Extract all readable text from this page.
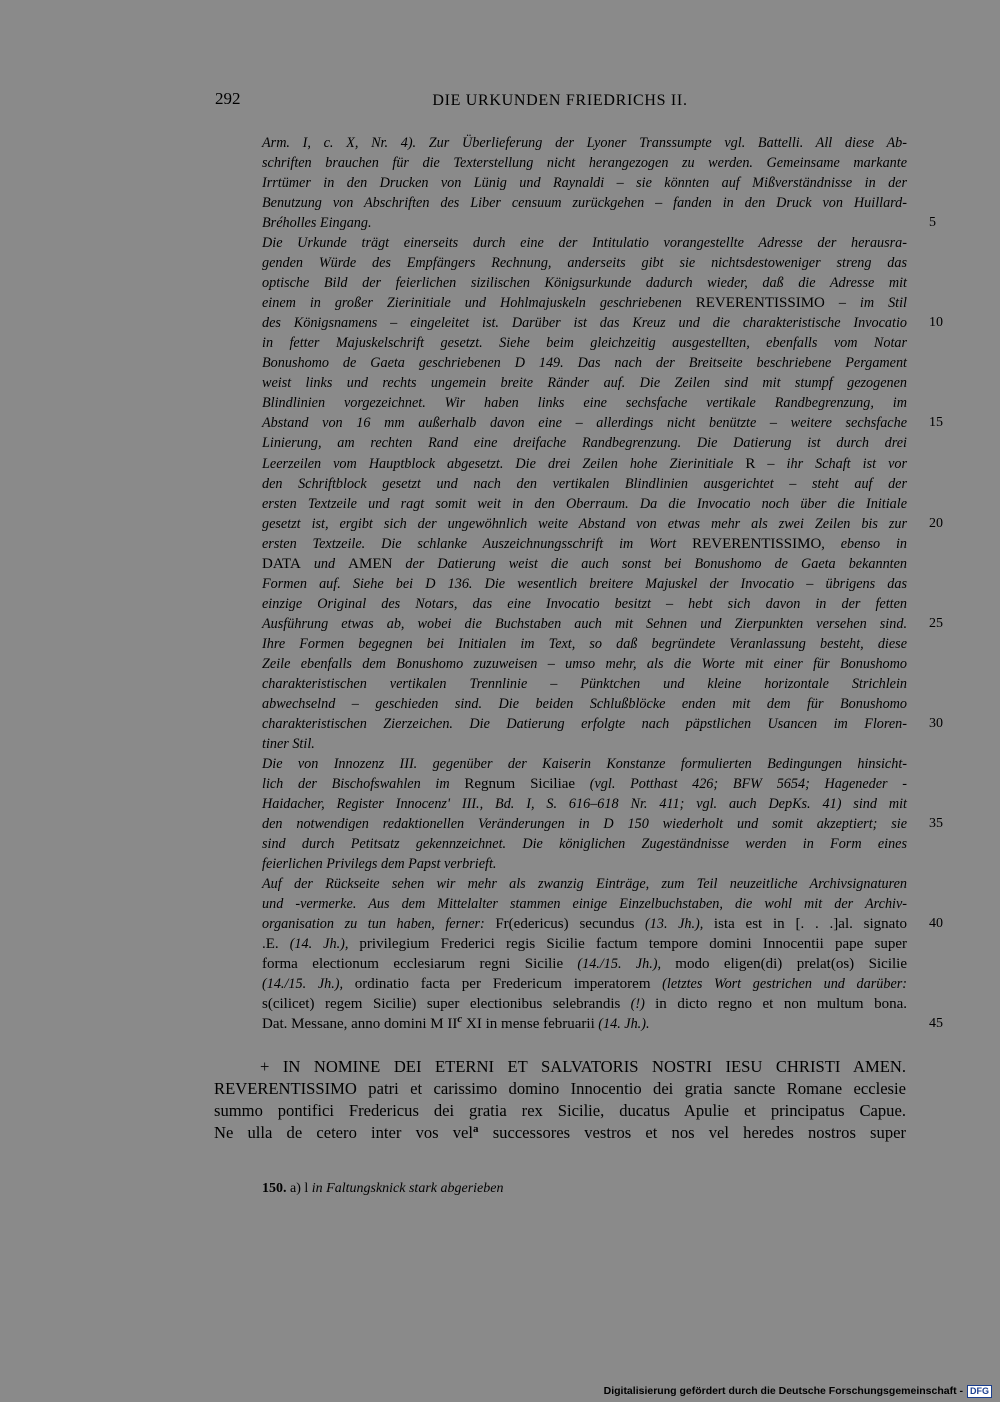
292	DIE URKUNDEN FRIEDRICHS II.
Arm. I, c. X, Nr. 4). Zur Überlieferung der Lyoner Transsumpte vgl. Battelli. All diese Ab-
schriften brauchen für die Texterstellung nicht herangezogen zu werden. Gemeinsame markante
Irrtümer in den Drucken von Lünig und Raynaldi – sie könnten auf Mißverständnisse in der
Benutzung von Abschriften des Liber censuum zurückgehen – fanden in den Druck von Huillard-
Bréholles Eingang.	5
Die Urkunde trägt einerseits durch eine der Intitulatio vorangestellte Adresse der herausra-
genden Würde des Empfängers Rechnung, anderseits gibt sie nichtsdestoweniger streng das
optische Bild der feierlichen sizilischen Königsurkunde dadurch wieder, daß die Adresse mit
einem in großer Zierinitiale und Hohlmajuskeln geschriebenen REVERENTISSIMO – im Stil
des Königsnamens – eingeleitet ist. Darüber ist das Kreuz und die charakteristische Invocatio 10
in fetter Majuskelschrift gesetzt. Siehe beim gleichzeitig ausgestellten, ebenfalls vom Notar
Bonushomo de Gaeta geschriebenen D 149. Das nach der Breitseite beschriebene Pergament
weist links und rechts ungemein breite Ränder auf. Die Zeilen sind mit stumpf gezogenen
Blindlinien vorgezeichnet. Wir haben links eine sechsfache vertikale Randbegrenzung, im
Abstand von 16 mm außerhalb davon eine – allerdings nicht benützte – weitere sechsfache 15
Linierung, am rechten Rand eine dreifache Randbegrenzung. Die Datierung ist durch drei
Leerzeilen vom Hauptblock abgesetzt. Die drei Zeilen hohe Zierinitiale R – ihr Schaft ist vor
den Schriftblock gesetzt und nach den vertikalen Blindlinien ausgerichtet – steht auf der
ersten Textzeile und ragt somit weit in den Oberraum. Da die Invocatio noch über die Initiale
gesetzt ist, ergibt sich der ungewöhnlich weite Abstand von etwas mehr als zwei Zeilen bis zur 20
ersten Textzeile. Die schlanke Auszeichnungsschrift im Wort REVERENTISSIMO, ebenso in
DATA und AMEN der Datierung weist die auch sonst bei Bonushomo de Gaeta bekannten
Formen auf. Siehe bei D 136. Die wesentlich breitere Majuskel der Invocatio – übrigens das
einzige Original des Notars, das eine Invocatio besitzt – hebt sich davon in der fetten
Ausführung etwas ab, wobei die Buchstaben auch mit Sehnen und Zierpunkten versehen sind. 25
Ihre Formen begegnen bei Initialen im Text, so daß begründete Veranlassung besteht, diese
Zeile ebenfalls dem Bonushomo zuzuweisen – umso mehr, als die Worte mit einer für Bonushomo
charakteristischen vertikalen Trennlinie – Pünktchen und kleine horizontale Strichlein
abwechselnd – geschieden sind. Die beiden Schlußblöcke enden mit dem für Bonushomo
charakteristischen Zierzeichen. Die Datierung erfolgte nach päpstlichen Usancen im Floren- 30
tiner Stil.
Die von Innozenz III. gegenüber der Kaiserin Konstanze formulierten Bedingungen hinsicht-
lich der Bischofswahlen im Regnum Siciliae (vgl. Potthast 426; BFW 5654; Hageneder -
Haidacher, Register Innocenz' III., Bd. I, S. 616–618 Nr. 411; vgl. auch DepKs. 41) sind mit
den notwendigen redaktionellen Veränderungen in D 150 wiederholt und somit akzeptiert; sie 35
sind durch Petitsatz gekennzeichnet. Die königlichen Zugeständnisse werden in Form eines
feierlichen Privilegs dem Papst verbrieft.
Auf der Rückseite sehen wir mehr als zwanzig Einträge, zum Teil neuzeitliche Archivsignaturen
und -vermerke. Aus dem Mittelalter stammen einige Einzelbuchstaben, die wohl mit der Archiv-
organisation zu tun haben, ferner: Fr(edericus) secundus (13. Jh.), ista est in [. . .]al. signato 40
.E. (14. Jh.), privilegium Frederici regis Sicilie factum tempore domini Innocentii pape super
forma electionum ecclesiarum regni Sicilie (14./15. Jh.), modo eligen(di) prelat(os) Sicilie
(14./15. Jh.), ordinatio facta per Fredericum imperatorem (letztes Wort gestrichen und darüber:
s(cilicet) regem Sicilie) super electionibus selebrandis (!) in dicto regno et non multum bona.
Dat. Messane, anno domini M $II^c$ XI in mense februarii (14. Jh.).	45
+ IN NOMINE DEI ETERNI ET SALVATORIS NOSTRI IESU CHRISTI AMEN.
REVERENTISSIMO patri et carissimo domino Innocentio dei gratia sancte Romane ecclesie
summo pontifici Fredericus dei gratia rex Sicilie, ducatus Apulie et principatus Capue.
Ne ulla de cetero inter vos vel$^a$ successores vestros et nos vel heredes nostros super
150. a) l in Faltungsknick stark abgerieben
Digitalisierung gefördert durch die Deutsche Forschungsgemeinschaft - DFG
